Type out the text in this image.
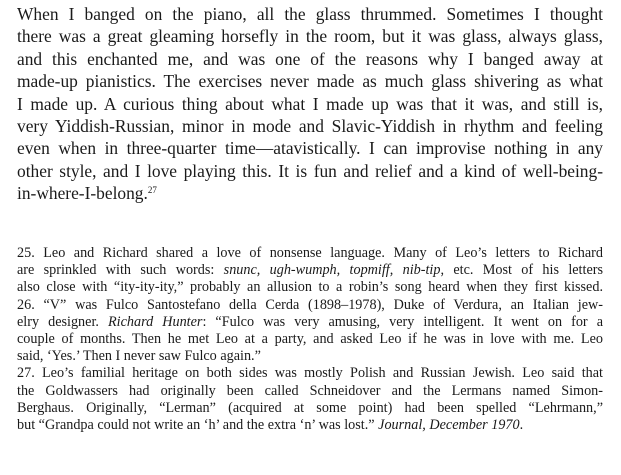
When I banged on the piano, all the glass thrummed. Sometimes I thought
there was a great gleaming horsefly in the room, but it was glass, always glass,
and this enchanted me, and was one of the reasons why I banged away at
made-up pianistics. The exercises never made as much glass shivering as what
I made up. A curious thing about what I made up was that it was, and still is,
very Yiddish-Russian, minor in mode and Slavic-Yiddish in rhythm and feeling
even when in three-quarter time—atavistically. I can improvise nothing in any
other style, and I love playing this. It is fun and relief and a kind of well-being-
in-where-I-belong.$^{27}$
25. Leo and Richard shared a love of nonsense language. Many of Leo’s letters to Richard
are sprinkled with such words: snunc, ugh-wumph, topmiff, nib-tip, etc. Most of his letters
also close with “ity-ity-ity,” probably an allusion to a robin’s song heard when they first kissed.
26. “V” was Fulco Santostefano della Cerda (1898–1978), Duke of Verdura, an Italian jew-
elry designer. Richard Hunter: “Fulco was very amusing, very intelligent. It went on for a
couple of months. Then he met Leo at a party, and asked Leo if he was in love with me. Leo
said, ‘Yes.’ Then I never saw Fulco again.”
27. Leo’s familial heritage on both sides was mostly Polish and Russian Jewish. Leo said that
the Goldwassers had originally been called Schneidover and the Lermans named Simon-
Berghaus. Originally, “Lerman” (acquired at some point) had been spelled “Lehrmann,”
but “Grandpa could not write an ‘h’ and the extra ‘n’ was lost.” Journal, December 1970.
